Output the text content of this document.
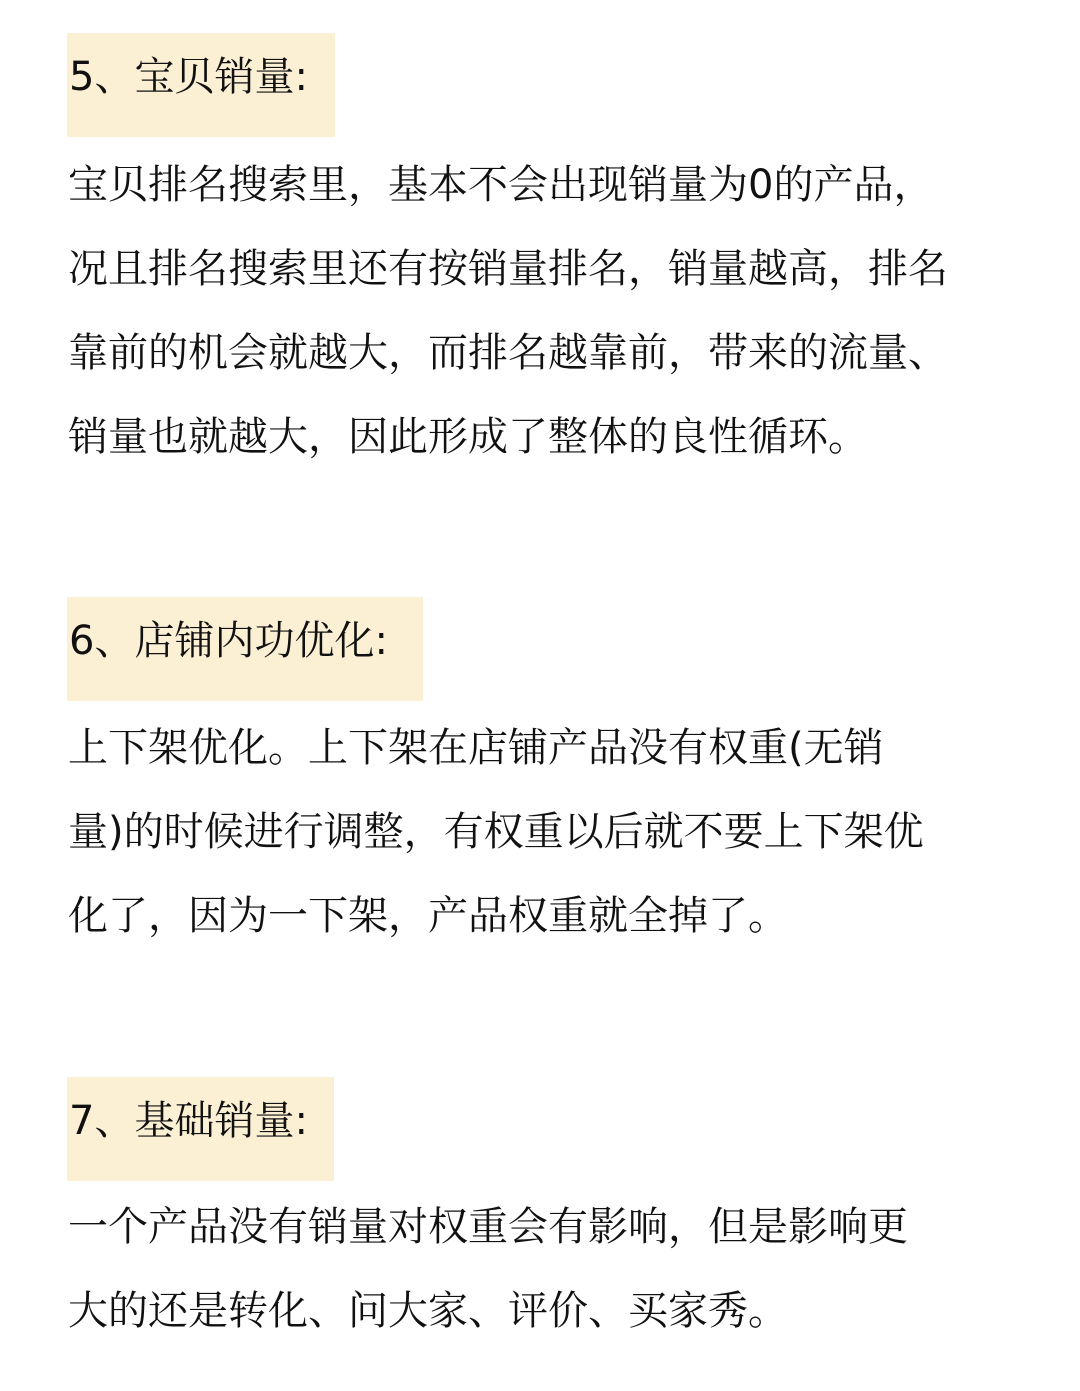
5、宝贝销量:
宝贝排名搜索里，基本不会出现销量为0的产品，
况且排名搜索里还有按销量排名，销量越高，排名
靠前的机会就越大，而排名越靠前，带来的流量、
销量也就越大，因此形成了整体的良性循环。
6、店铺内功优化:
上下架优化。上下架在店铺产品没有权重(无销
量)的时候进行调整，有权重以后就不要上下架优
化了，因为一下架，产品权重就全掉了。
7、基础销量:
一个产品没有销量对权重会有影响，但是影响更
大的还是转化、问大家、评价、买家秀。
